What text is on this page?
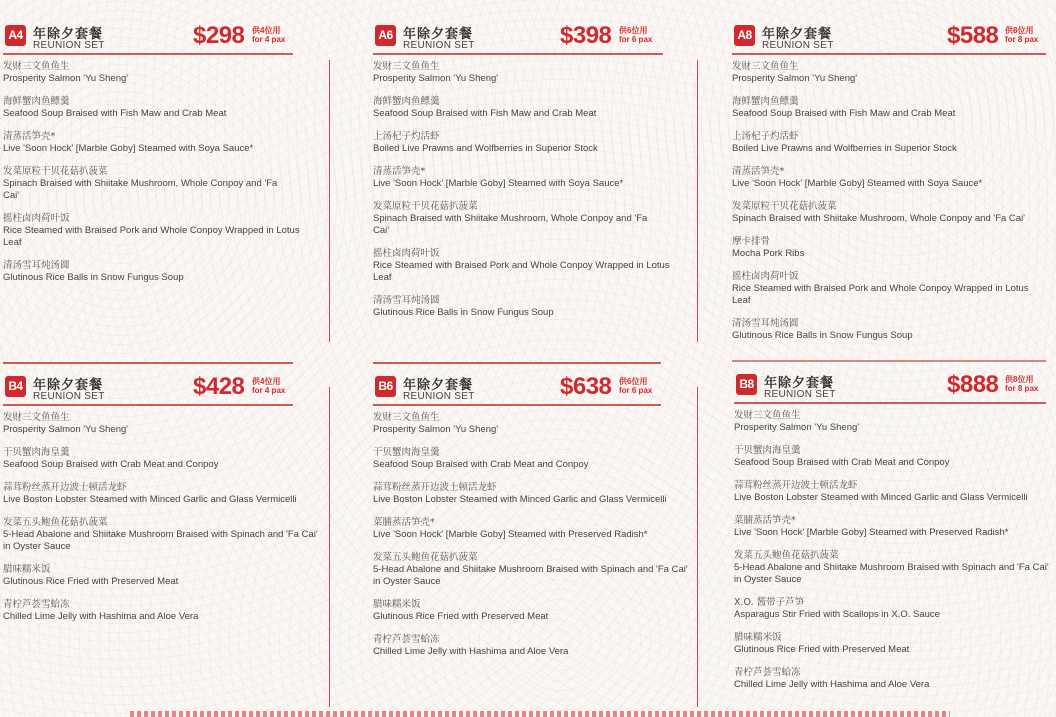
A4 年除夕套餐
REUNION SET	$298 供4位用
for 4 pax
发财三文鱼鱼生
Prosperity Salmon 'Yu Sheng'
海鲜蟹肉鱼鳔羹
Seafood Soup Braised with Fish Maw and Crab Meat
清蒸活笋壳*
Live 'Soon Hock' [Marble Goby] Steamed with Soya Sauce*
发菜原粒干贝花菇扒菠菜
Spinach Braised with Shiitake Mushroom, Whole Conpoy and 'Fa Cai'
摇柱卤肉荷叶饭
Rice Steamed with Braised Pork and Whole Conpoy Wrapped in Lotus Leaf
清汤雪耳炖汤圆
Glutinous Rice Balls in Snow Fungus Soup
A6 年除夕套餐
REUNION SET	$398 供6位用
for 6 pax
发财三文鱼鱼生
Prosperity Salmon 'Yu Sheng'
海鲜蟹肉鱼鳔羹
Seafood Soup Braised with Fish Maw and Crab Meat
上汤杞子灼活虾
Boiled Live Prawns and Wolfberries in Superior Stock
清蒸活笋壳*
Live 'Soon Hock' [Marble Goby] Steamed with Soya Sauce*
发菜原粒干贝花菇扒菠菜
Spinach Braised with Shiitake Mushroom, Whole Conpoy and 'Fa Cai'
摇柱卤肉荷叶饭
Rice Steamed with Braised Pork and Whole Conpoy Wrapped in Lotus Leaf
清汤雪耳炖汤圆
Glutinous Rice Balls in Snow Fungus Soup
A8 年除夕套餐
REUNION SET	$588 供8位用
for 8 pax
发财三文鱼鱼生
Prosperity Salmon 'Yu Sheng'
海鲜蟹肉鱼鳔羹
Seafood Soup Braised with Fish Maw and Crab Meat
上汤杞子灼活虾
Boiled Live Prawns and Wolfberries in Superior Stock
清蒸活笋壳*
Live 'Soon Hock' [Marble Goby] Steamed with Soya Sauce*
发菜原粒干贝花菇扒菠菜
Spinach Braised with Shiitake Mushroom, Whole Conpoy and 'Fa Cai'
摩卡排骨
Mocha Pork Ribs
摇柱卤肉荷叶饭
Rice Steamed with Braised Pork and Whole Conpoy Wrapped in Lotus Leaf
清汤雪耳炖汤圆
Glutinous Rice Balls in Snow Fungus Soup
B4 年除夕套餐
REUNION SET	$428 供4位用
for 4 pax
发财三文鱼鱼生
Prosperity Salmon 'Yu Sheng'
干贝蟹肉海皇羹
Seafood Soup Braised with Crab Meat and Conpoy
蒜茸粉丝蒸开边波士顿活龙虾
Live Boston Lobster Steamed with Minced Garlic and Glass Vermicelli
发菜五头鲍鱼花菇扒菠菜
5-Head Abalone and Shiitake Mushroom Braised with Spinach and 'Fa Cai' in Oyster Sauce
腊味糯米饭
Glutinous Rice Fried with Preserved Meat
青柠芦荟雪蛤冻
Chilled Lime Jelly with Hashima and Aloe Vera
B6 年除夕套餐
REUNION SET	$638 供6位用
for 6 pax
发财三文鱼鱼生
Prosperity Salmon 'Yu Sheng'
干贝蟹肉海皇羹
Seafood Soup Braised with Crab Meat and Conpoy
蒜茸粉丝蒸开边波士顿活龙虾
Live Boston Lobster Steamed with Minced Garlic and Glass Vermicelli
菜脯蒸活笋壳*
Live 'Soon Hock' [Marble Goby] Steamed with Preserved Radish*
发菜五头鲍鱼花菇扒菠菜
5-Head Abalone and Shiitake Mushroom Braised with Spinach and 'Fa Cai' in Oyster Sauce
腊味糯米饭
Glutinous Rice Fried with Preserved Meat
青柠芦荟雪蛤冻
Chilled Lime Jelly with Hashima and Aloe Vera
B8 年除夕套餐
REUNION SET	$888 供8位用
for 8 pax
发财三文鱼鱼生
Prosperity Salmon 'Yu Sheng'
干贝蟹肉海皇羹
Seafood Soup Braised with Crab Meat and Conpoy
蒜茸粉丝蒸开边波士顿活龙虾
Live Boston Lobster Steamed with Minced Garlic and Glass Vermicelli
菜脯蒸活笋壳*
Live 'Soon Hock' [Marble Goby] Steamed with Preserved Radish*
发菜五头鲍鱼花菇扒菠菜
5-Head Abalone and Shiitake Mushroom Braised with Spinach and 'Fa Cai' in Oyster Sauce
X.O. 酱带子芦笋
Asparagus Stir Fried with Scallops in X.O. Sauce
腊味糯米饭
Glutinous Rice Fried with Preserved Meat
青柠芦荟雪蛤冻
Chilled Lime Jelly with Hashima and Aloe Vera
